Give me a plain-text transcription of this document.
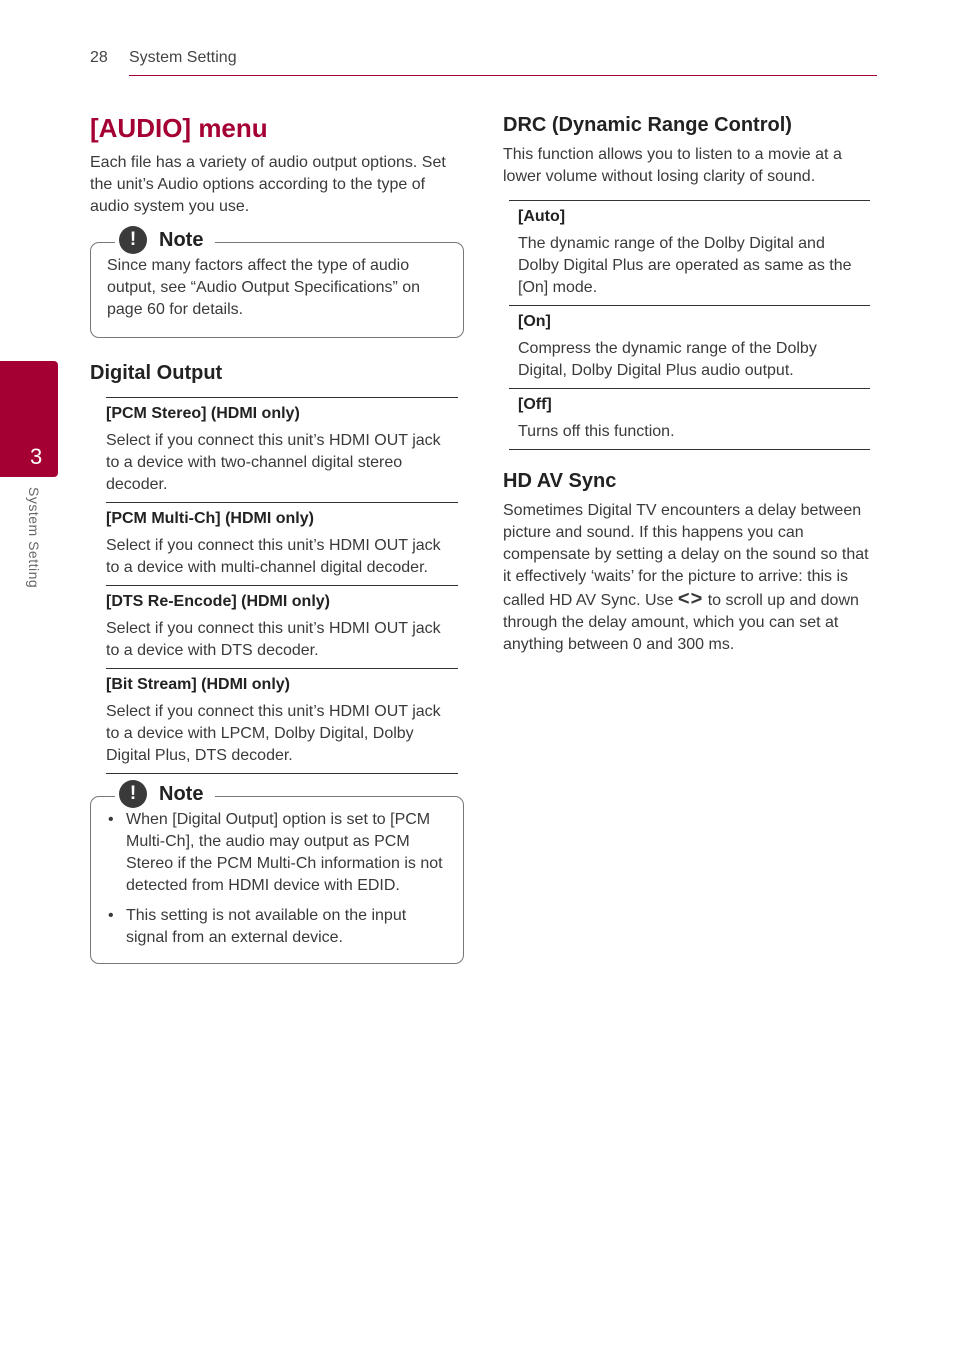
28 System Setting
3
System Setting
[AUDIO] menu

Each file has a variety of audio output options. Set the unit’s Audio options according to the type of audio system you use.

!	Note

Since many factors affect the type of audio output, see “Audio Output Specifications” on page 60 for details.

Digital Output
[PCM Stereo] (HDMI only)
Select if you connect this unit’s HDMI OUT jack to a device with two-channel digital stereo decoder.
[PCM Multi-Ch] (HDMI only)
Select if you connect this unit’s HDMI OUT jack to a device with multi-channel digital decoder.
[DTS Re-Encode] (HDMI only)
Select if you connect this unit’s HDMI OUT jack to a device with DTS decoder.
[Bit Stream] (HDMI only)
Select if you connect this unit’s HDMI OUT jack to a device with LPCM, Dolby Digital, Dolby Digital Plus, DTS decoder.
!	Note
• When [Digital Output] option is set to [PCM Multi-Ch], the audio may output as PCM Stereo if the PCM Multi-Ch information is not detected from HDMI device with EDID.
• This setting is not available on the input signal from an external device.
DRC (Dynamic Range Control)

This function allows you to listen to a movie at a lower volume without losing clarity of sound.

[Auto]
The dynamic range of the Dolby Digital and Dolby Digital Plus are operated as same as the [On] mode.
[On]
Compress the dynamic range of the Dolby Digital, Dolby Digital Plus audio output.
[Off]
Turns off this function.
HD AV Sync

Sometimes Digital TV encounters a delay between picture and sound. If this happens you can compensate by setting a delay on the sound so that it effectively ‘waits’ for the picture to arrive: this is called HD AV Sync. Use <> to scroll up and down through the delay amount, which you can set at anything between 0 and 300 ms.
